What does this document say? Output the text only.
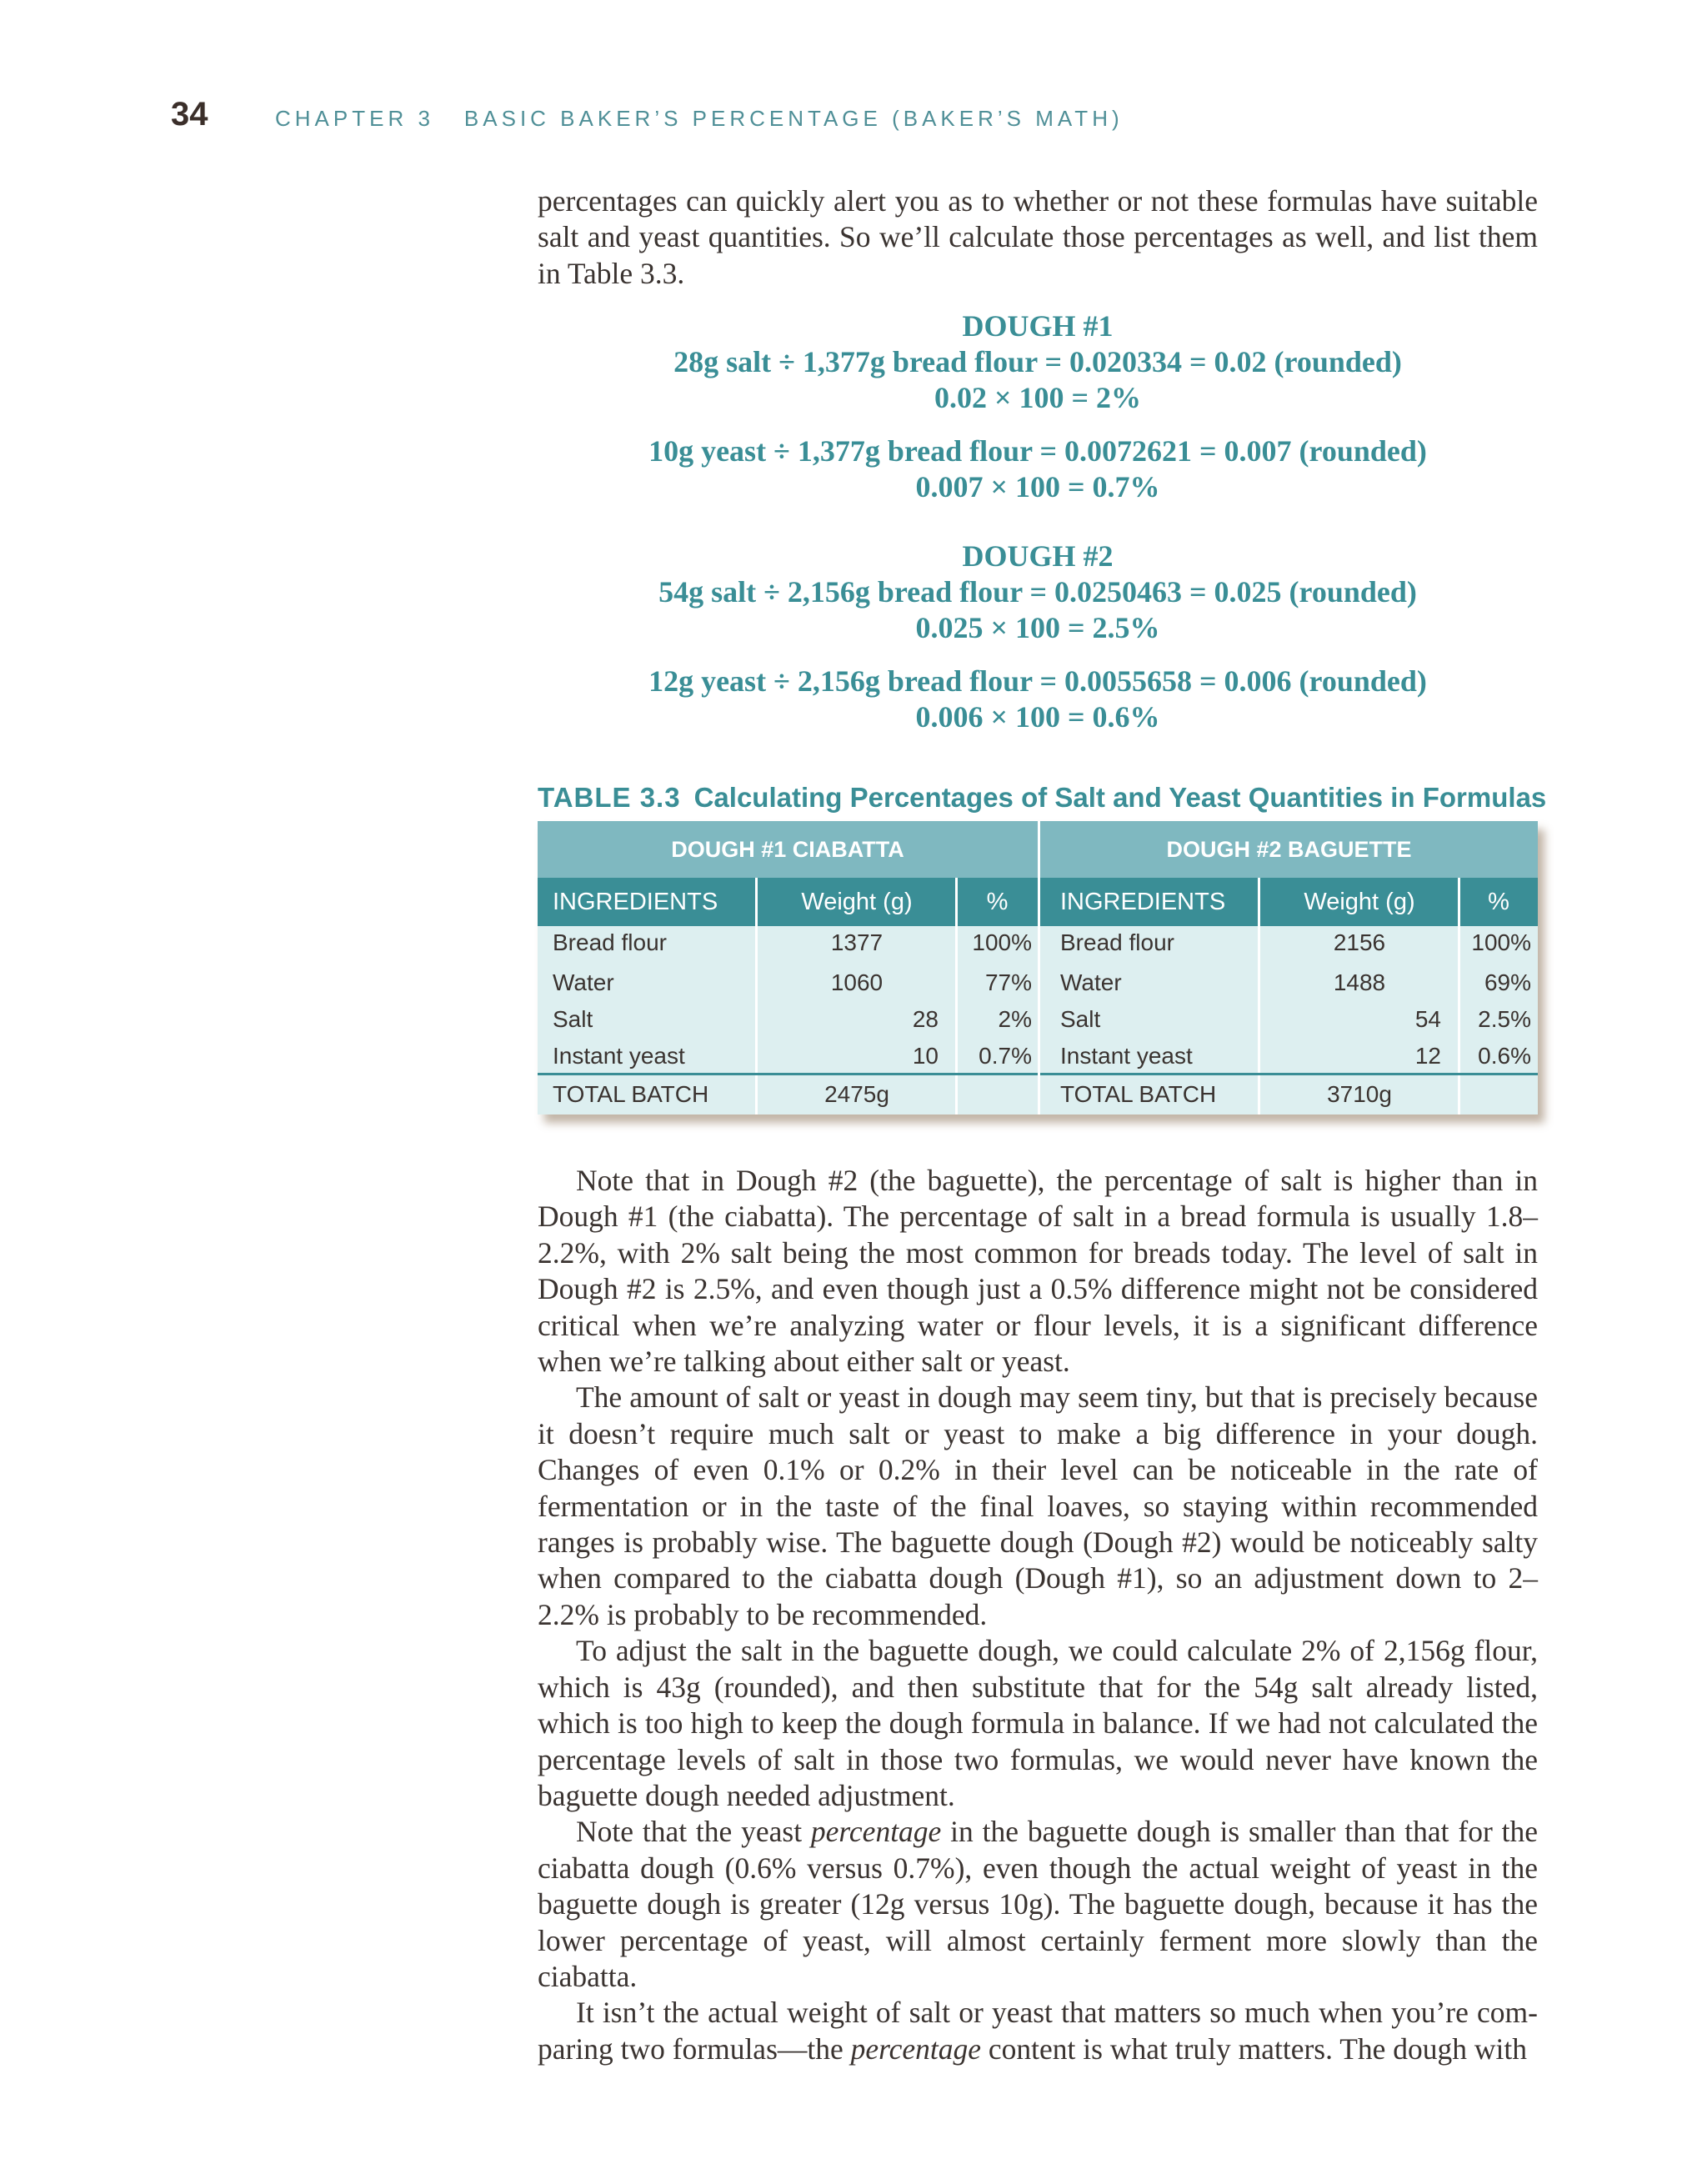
34	CHAPTER 3 BASIC BAKER’S PERCENTAGE (BAKER’S MATH)

percentages can quickly alert you as to whether or not these formulas have suitable salt and yeast quantities. So we’ll calculate those percentages as well, and list them in Table 3.3.

DOUGH #1
28g salt ÷ 1,377g bread flour = 0.020334 = 0.02 (rounded)
0.02 × 100 = 2%
10g yeast ÷ 1,377g bread flour = 0.0072621 = 0.007 (rounded)
0.007 × 100 = 0.7%
DOUGH #2
54g salt ÷ 2,156g bread flour = 0.0250463 = 0.025 (rounded)
0.025 × 100 = 2.5%
12g yeast ÷ 2,156g bread flour = 0.0055658 = 0.006 (rounded)
0.006 × 100 = 0.6%
TABLE 3.3 Calculating Percentages of Salt and Yeast Quantities in Formulas
DOUGH #1 CIABATTA	DOUGH #2 BAGUETTE
INGREDIENTS	Weight (g)	%	INGREDIENTS	Weight (g)	%
Bread flour	1377	100% Bread flour	2156	100%
Water	1060	77% Water	1488	69%
Salt	28	2% Salt	54	2.5%
Instant yeast	10	0.7% Instant yeast	12	0.6%
TOTAL BATCH	2475g	TOTAL BATCH	3710g

Note that in Dough #2 (the baguette), the percentage of salt is higher than in Dough #1 (the ciabatta). The percentage of salt in a bread formula is usually 1.8–2.2%, with 2% salt being the most common for breads today. The level of salt in Dough #2 is 2.5%, and even though just a 0.5% difference might not be considered critical when we’re analyzing water or flour levels, it is a significant difference when we’re talking about either salt or yeast.

The amount of salt or yeast in dough may seem tiny, but that is precisely because it doesn’t require much salt or yeast to make a big difference in your dough. Changes of even 0.1% or 0.2% in their level can be noticeable in the rate of fermentation or in the taste of the final loaves, so staying within recommended ranges is probably wise. The baguette dough (Dough #2) would be noticeably salty when compared to the ciabatta dough (Dough #1), so an adjustment down to 2–2.2% is probably to be recommended.

To adjust the salt in the baguette dough, we could calculate 2% of 2,156g flour, which is 43g (rounded), and then substitute that for the 54g salt already listed, which is too high to keep the dough formula in balance. If we had not calculated the percentage levels of salt in those two formulas, we would never have known the baguette dough needed adjustment.

Note that the yeast percentage in the baguette dough is smaller than that for the ciabatta dough (0.6% versus 0.7%), even though the actual weight of yeast in the baguette dough is greater (12g versus 10g). The baguette dough, because it has the lower percentage of yeast, will almost certainly ferment more slowly than the ciabatta.

It isn’t the actual weight of salt or yeast that matters so much when you’re com-paring two formulas—the percentage content is what truly matters. The dough with
